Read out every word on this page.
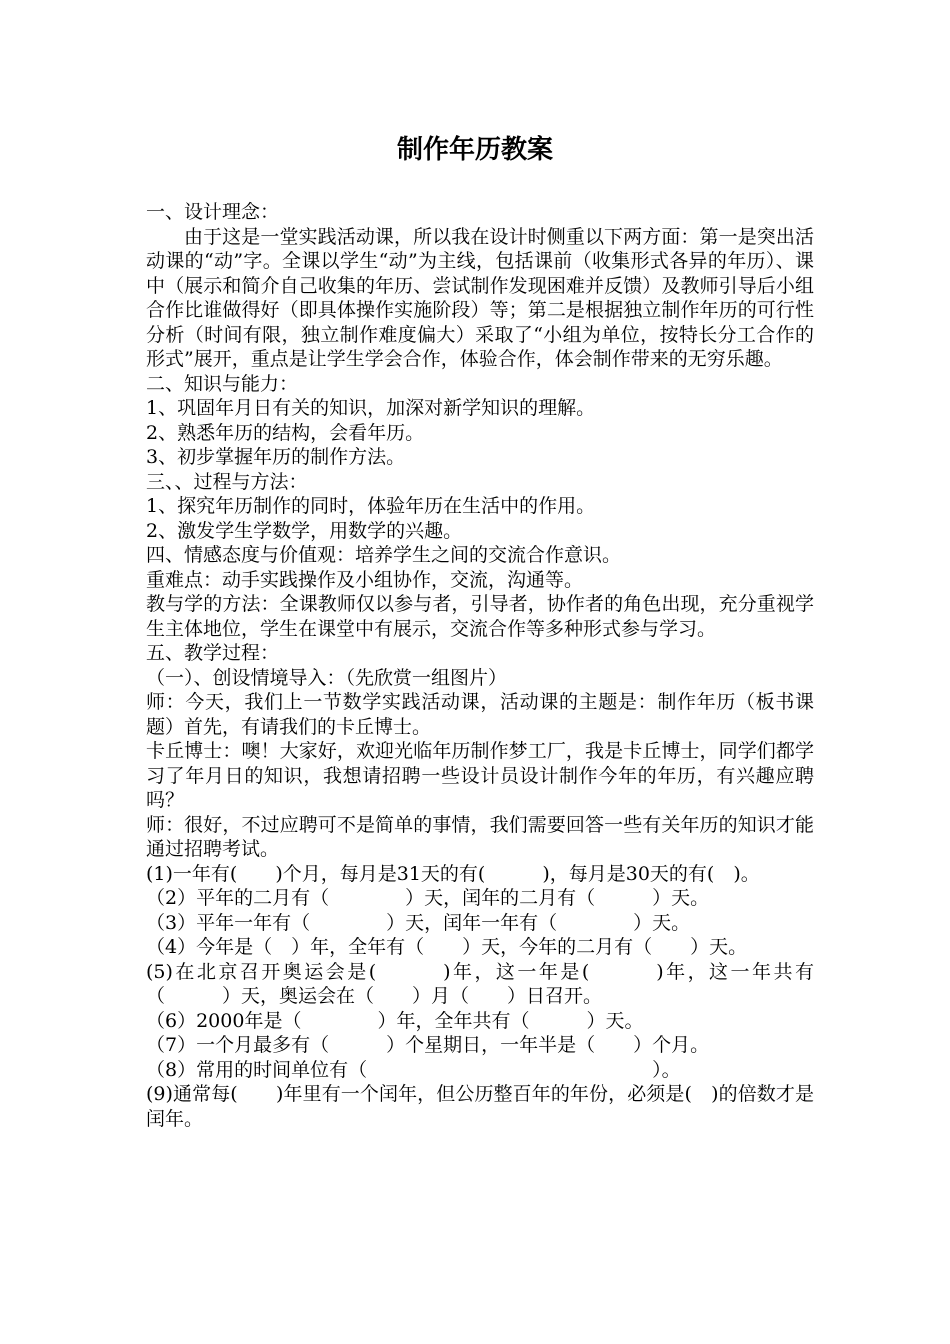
制作年历教案

一、设计理念：

由于这是一堂实践活动课，所以我在设计时侧重以下两方面：第一是突出活动课的“动”字。全课以学生“动”为主线，包括课前（收集形式各异的年历）、课中（展示和简介自己收集的年历、尝试制作发现困难并反馈）及教师引导后小组合作比谁做得好（即具体操作实施阶段）等；第二是根据独立制作年历的可行性分析（时间有限，独立制作难度偏大）采取了“小组为单位，按特长分工合作的形式”展开，重点是让学生学会合作，体验合作，体会制作带来的无穷乐趣。

二、知识与能力：

1、巩固年月日有关的知识，加深对新学知识的理解。

2、熟悉年历的结构，会看年历。

3、初步掌握年历的制作方法。

三、、过程与方法：

1、探究年历制作的同时，体验年历在生活中的作用。

2、激发学生学数学，用数学的兴趣。

四、情感态度与价值观：培养学生之间的交流合作意识。

重难点：动手实践操作及小组协作，交流，沟通等。

教与学的方法：全课教师仅以参与者，引导者，协作者的角色出现，充分重视学生主体地位，学生在课堂中有展示，交流合作等多种形式参与学习。

五、教学过程：

（一）、创设情境导入：（先欣赏一组图片）

师：今天，我们上一节数学实践活动课，活动课的主题是：制作年历（板书课题）首先，有请我们的卡丘博士。

卡丘博士：噢！大家好，欢迎光临年历制作梦工厂，我是卡丘博士，同学们都学习了年月日的知识，我想请招聘一些设计员设计制作今年的年历，有兴趣应聘吗？

师：很好，不过应聘可不是简单的事情，我们需要回答一些有关年历的知识才能通过招聘考试。

(1)一年有(　　)个月，每月是31天的有(　　　)，每月是30天的有(　)。

（2）平年的二月有（　　　　）天，闰年的二月有（　　　）天。

（3）平年一年有（　　　　）天，闰年一年有（　　　　）天。

（4）今年是（　）年，全年有（　　）天，今年的二月有（　　）天。

(5)在北京召开奥运会是(　　　)年，这一年是(　　　)年，这一年共有（　　　）天，奥运会在（　　）月（　　）日召开。

（6）2000年是（　　　　）年，全年共有（　　　）天。

（7）一个月最多有（　　　）个星期日，一年半是（　　）个月。

（8）常用的时间单位有（　　　　　　　　　　　　　　　）。

(9)通常每(　　)年里有一个闰年，但公历整百年的年份，必须是(　)的倍数才是闰年。
